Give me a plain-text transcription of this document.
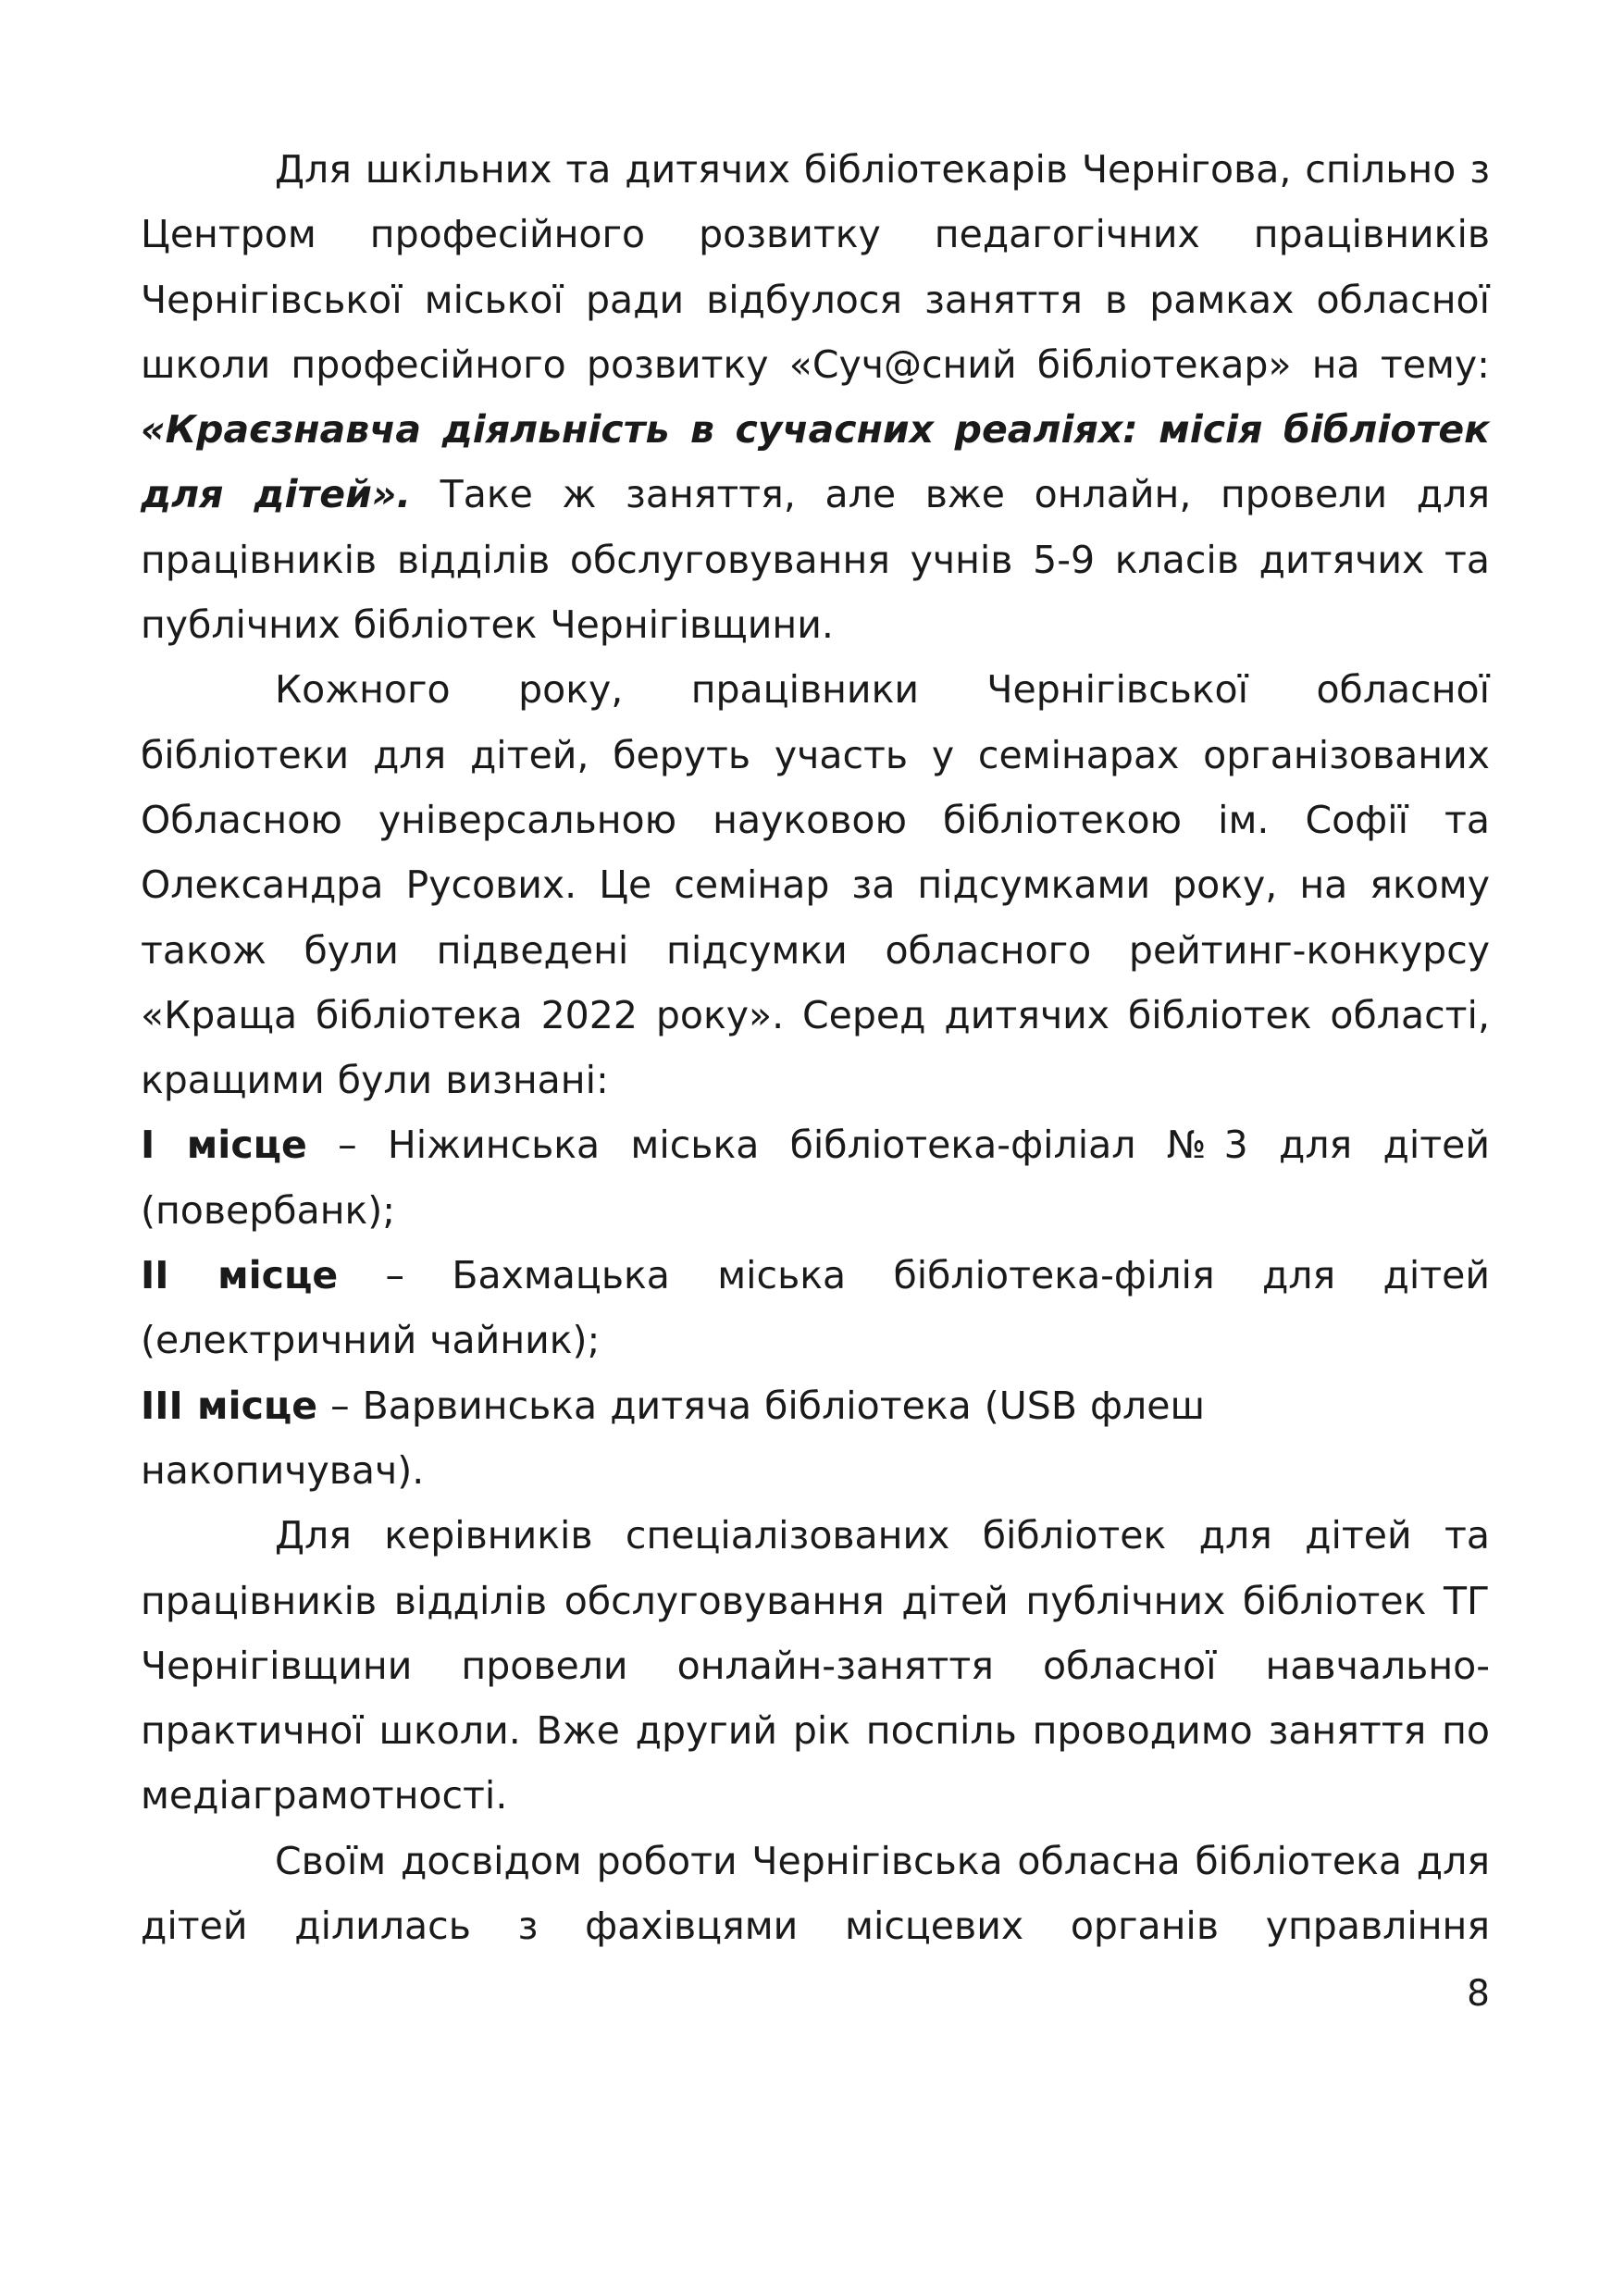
Для шкільних та дитячих бібліотекарів Чернігова, спільно з Центром професійного розвитку педагогічних працівників Чернігівської міської ради відбулося заняття в рамках обласної школи професійного розвитку «Суч@сний бібліотекар» на тему: «Краєзнавча діяльність в сучасних реаліях: місія бібліотек для дітей». Таке ж заняття, але вже онлайн, провели для працівників відділів обслуговування учнів 5-9 класів дитячих та публічних бібліотек Чернігівщини.

Кожного року, працівники Чернігівської обласної бібліотеки для дітей, беруть участь у семінарах організованих Обласною універсальною науковою бібліотекою ім. Софії та Олександра Русових. Це семінар за підсумками року, на якому також були підведені підсумки обласного рейтинг-конкурсу «Краща бібліотека 2022 року». Серед дитячих бібліотек області, кращими були визнані:

І місце – Ніжинська міська бібліотека-філіал №3 для дітей (повербанк);

ІІ місце – Бахмацька міська бібліотека-філія для дітей (електричний чайник);

ІІІ місце – Варвинська дитяча бібліотека (USB флеш накопичувач).

Для керівників спеціалізованих бібліотек для дітей та працівників відділів обслуговування дітей публічних бібліотек ТГ Чернігівщини провели онлайн-заняття обласної навчально-практичної школи. Вже другий рік поспіль проводимо заняття по медіаграмотності.

Своїм досвідом роботи Чернігівська обласна бібліотека для дітей ділилась з фахівцями місцевих органів управління

8
